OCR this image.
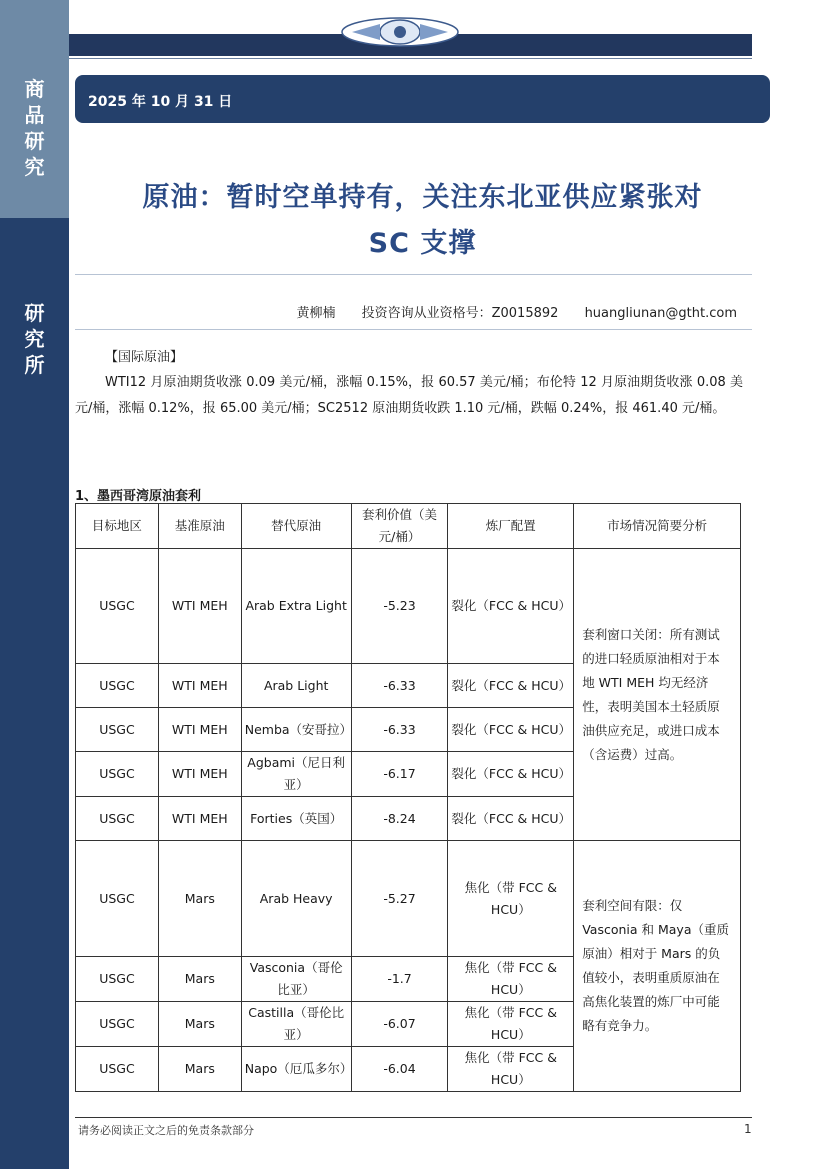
商
品
研
究
研
究
所
2025 年 10 月 31 日
原油：暂时空单持有，关注东北亚供应紧张对
SC 支撑
黄柳楠 投资咨询从业资格号：Z0015892 huangliunan@gtht.com
【国际原油】
WTI12 月原油期货收涨 0.09 美元/桶，涨幅 0.15%，报 60.57 美元/桶；布伦特 12 月原油期货收涨 0.08 美元/桶，涨幅 0.12%，报 65.00 美元/桶；SC2512 原油期货收跌 1.10 元/桶，跌幅 0.24%，报 461.40 元/桶。
1、墨西哥湾原油套利
目标地区	基准原油	替代原油	套利价值（美元/桶）	炼厂配置	市场情况简要分析
USGC	WTI MEH	Arab Extra Light	-5.23	裂化（FCC & HCU）	套利窗口关闭：所有测试的进口轻质原油相对于本地 WTI MEH 均无经济性，表明美国本土轻质原油供应充足，或进口成本（含运费）过高。
USGC	WTI MEH	Arab Light	-6.33	裂化（FCC & HCU）	
USGC	WTI MEH	Nemba（安哥拉）	-6.33	裂化（FCC & HCU）	
USGC	WTI MEH	Agbami（尼日利亚）	-6.17	裂化（FCC & HCU）	
USGC	WTI MEH	Forties（英国）	-8.24	裂化（FCC & HCU）	
USGC	Mars	Arab Heavy	-5.27	焦化（带 FCC & HCU）	套利空间有限：仅 Vasconia 和 Maya（重质原油）相对于 Mars 的负值较小，表明重质原油在高焦化装置的炼厂中可能略有竞争力。
USGC	Mars	Vasconia（哥伦比亚）	-1.7	焦化（带 FCC & HCU）	
USGC	Mars	Castilla（哥伦比亚）	-6.07	焦化（带 FCC & HCU）	
USGC	Mars	Napo（厄瓜多尔）	-6.04	焦化（带 FCC & HCU）	
请务必阅读正文之后的免责条款部分	1
